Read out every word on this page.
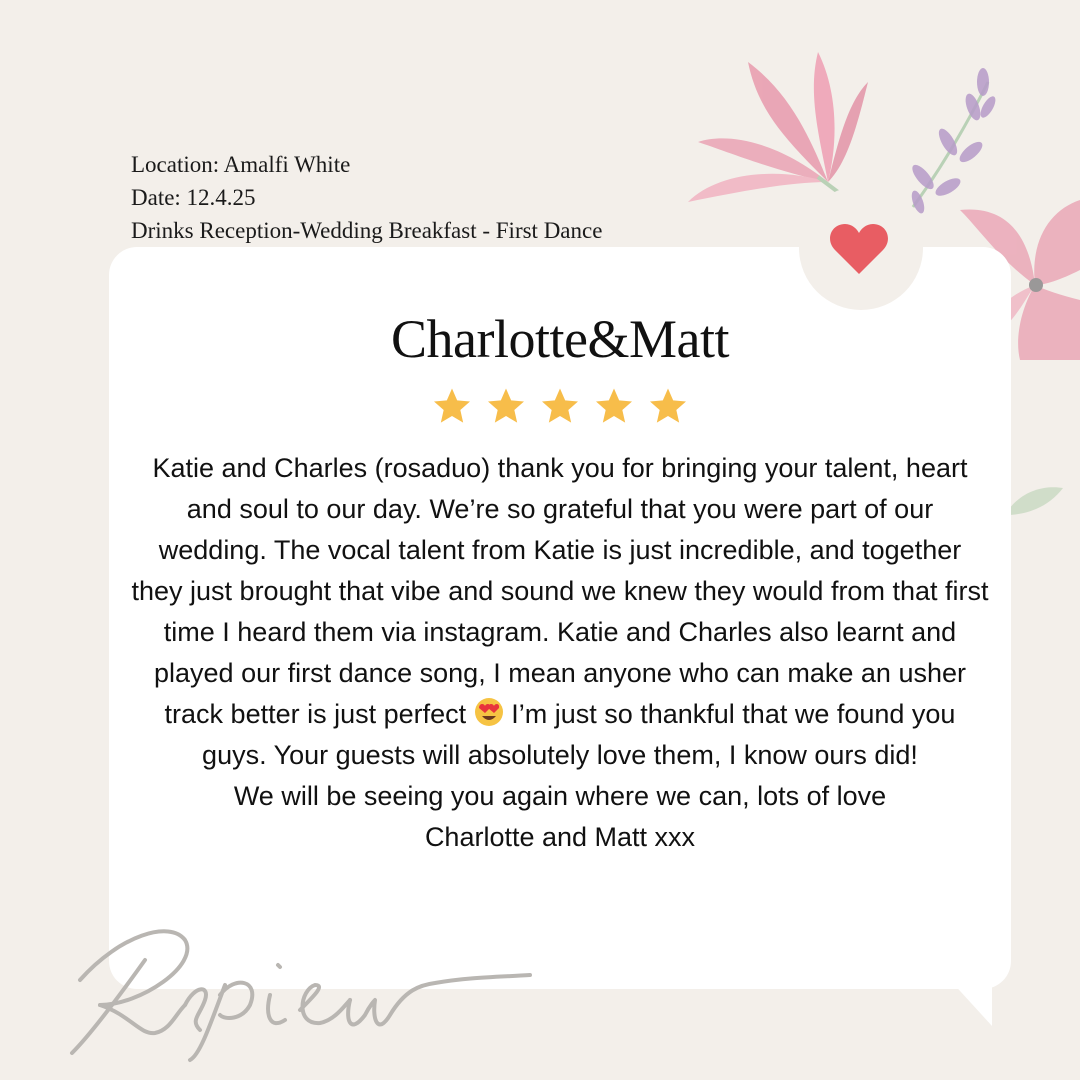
Location: Amalfi White
Date: 12.4.25
Drinks Reception-Wedding Breakfast - First Dance
Charlotte&Matt

Katie and Charles (rosaduo) thank you for bringing your talent, heart and soul to our day. We’re so grateful that you were part of our wedding. The vocal talent from Katie is just incredible, and together they just brought that vibe and sound we knew they would from that first time I heard them via instagram. Katie and Charles also learnt and played our first dance song, I mean anyone who can make an usher track better is just perfect I’m just so thankful that we found you guys. Your guests will absolutely love them, I know ours did!

We will be seeing you again where we can, lots of love

Charlotte and Matt xxx
